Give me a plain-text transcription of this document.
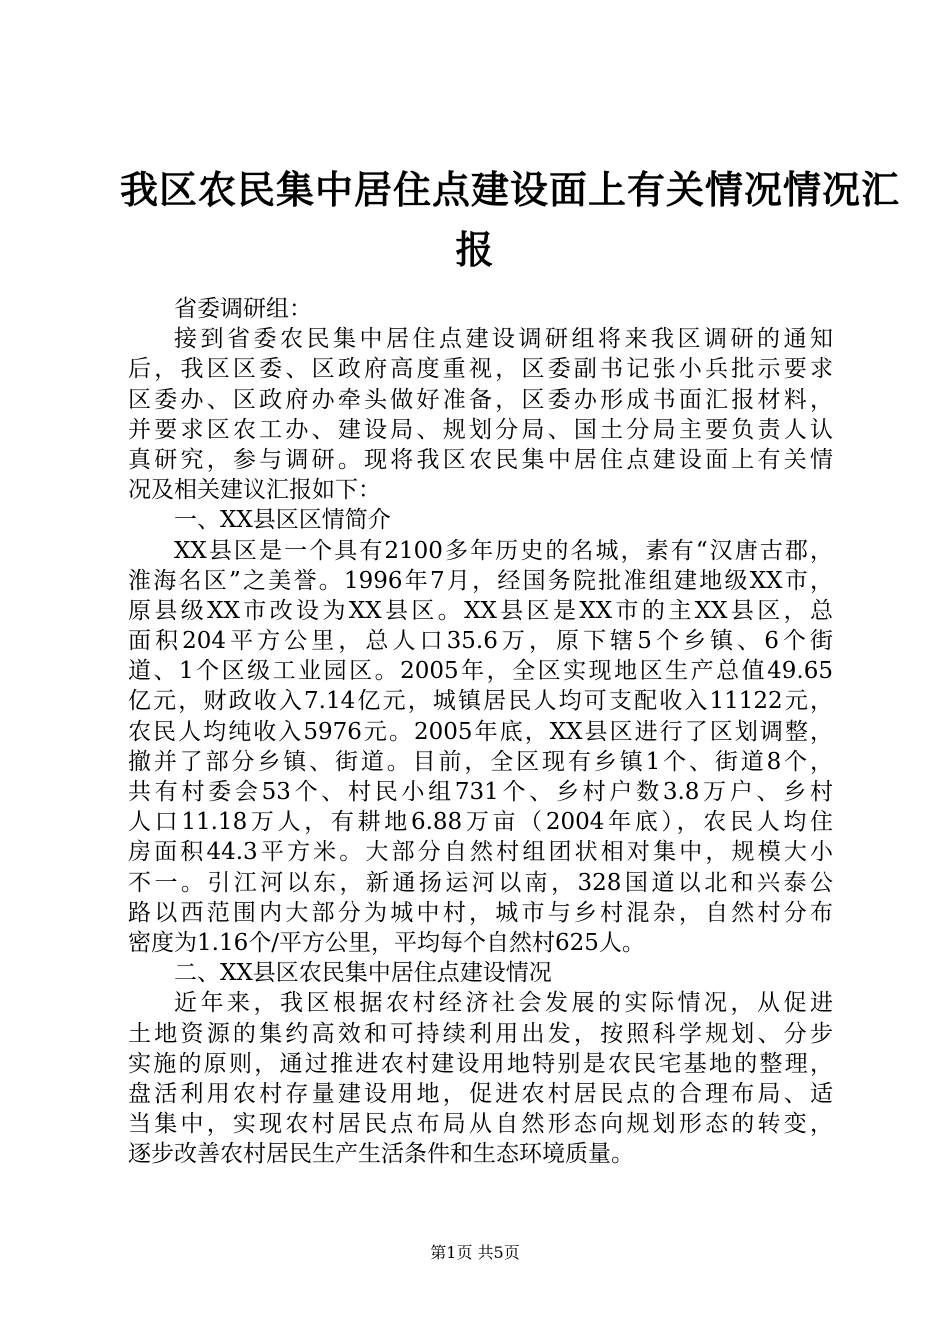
我区农民集中居住点建设面上有关情况情况汇
报
省委调研组：
接到省委农民集中居住点建设调研组将来我区调研的通知
后，我区区委、区政府高度重视，区委副书记张小兵批示要求
区委办、区政府办牵头做好准备，区委办形成书面汇报材料，
并要求区农工办、建设局、规划分局、国土分局主要负责人认
真研究，参与调研。现将我区农民集中居住点建设面上有关情
况及相关建议汇报如下：
一、XX县区区情简介
XX县区是一个具有2100多年历史的名城，素有“汉唐古郡，
淮海名区”之美誉。1996年7月，经国务院批准组建地级XX市，
原县级XX市改设为XX县区。XX县区是XX市的主XX县区，总
面积204平方公里，总人口35.6万，原下辖5个乡镇、6个街
道、1个区级工业园区。2005年，全区实现地区生产总值49.65
亿元，财政收入7.14亿元，城镇居民人均可支配收入11122元，
农民人均纯收入5976元。2005年底，XX县区进行了区划调整，
撤并了部分乡镇、街道。目前，全区现有乡镇1个、街道8个，
共有村委会53个、村民小组731个、乡村户数3.8万户、乡村
人口11.18万人，有耕地6.88万亩（2004年底），农民人均住
房面积44.3平方米。大部分自然村组团状相对集中，规模大小
不一。引江河以东，新通扬运河以南，328国道以北和兴泰公
路以西范围内大部分为城中村，城市与乡村混杂，自然村分布
密度为1.16个/平方公里，平均每个自然村625人。
二、XX县区农民集中居住点建设情况
近年来，我区根据农村经济社会发展的实际情况，从促进
土地资源的集约高效和可持续利用出发，按照科学规划、分步
实施的原则，通过推进农村建设用地特别是农民宅基地的整理，
盘活利用农村存量建设用地，促进农村居民点的合理布局、适
当集中，实现农村居民点布局从自然形态向规划形态的转变，
逐步改善农村居民生产生活条件和生态环境质量。
第1页 共5页
